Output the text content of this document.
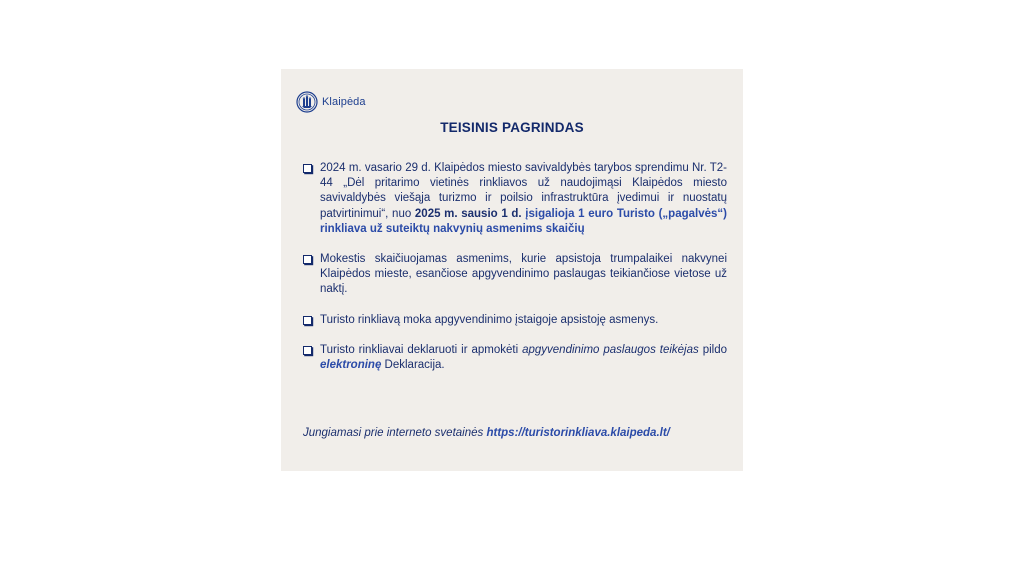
Klaipėda
TEISINIS PAGRINDAS
2024 m. vasario 29 d. Klaipėdos miesto savivaldybės tarybos sprendimu Nr. T2-44 „Dėl pritarimo vietinės rinkliavos už naudojimąsi Klaipėdos miesto savivaldybės viešąja turizmo ir poilsio infrastruktūra įvedimui ir nuostatų patvirtinimui“, nuo 2025 m. sausio 1 d. įsigalioja 1 euro Turisto („pagalvės“) rinkliava už suteiktų nakvynių asmenims skaičių
Mokestis skaičiuojamas asmenims, kurie apsistoja trumpalaikei nakvynei Klaipėdos mieste, esančiose apgyvendinimo paslaugas teikiančiose vietose už naktį.
Turisto rinkliavą moka apgyvendinimo įstaigoje apsistoję asmenys.
Turisto rinkliavai deklaruoti ir apmokėti apgyvendinimo paslaugos teikėjas pildo elektroninę Deklaracija.
Jungiamasi prie interneto svetainės https://turistorinkliava.klaipeda.lt/
